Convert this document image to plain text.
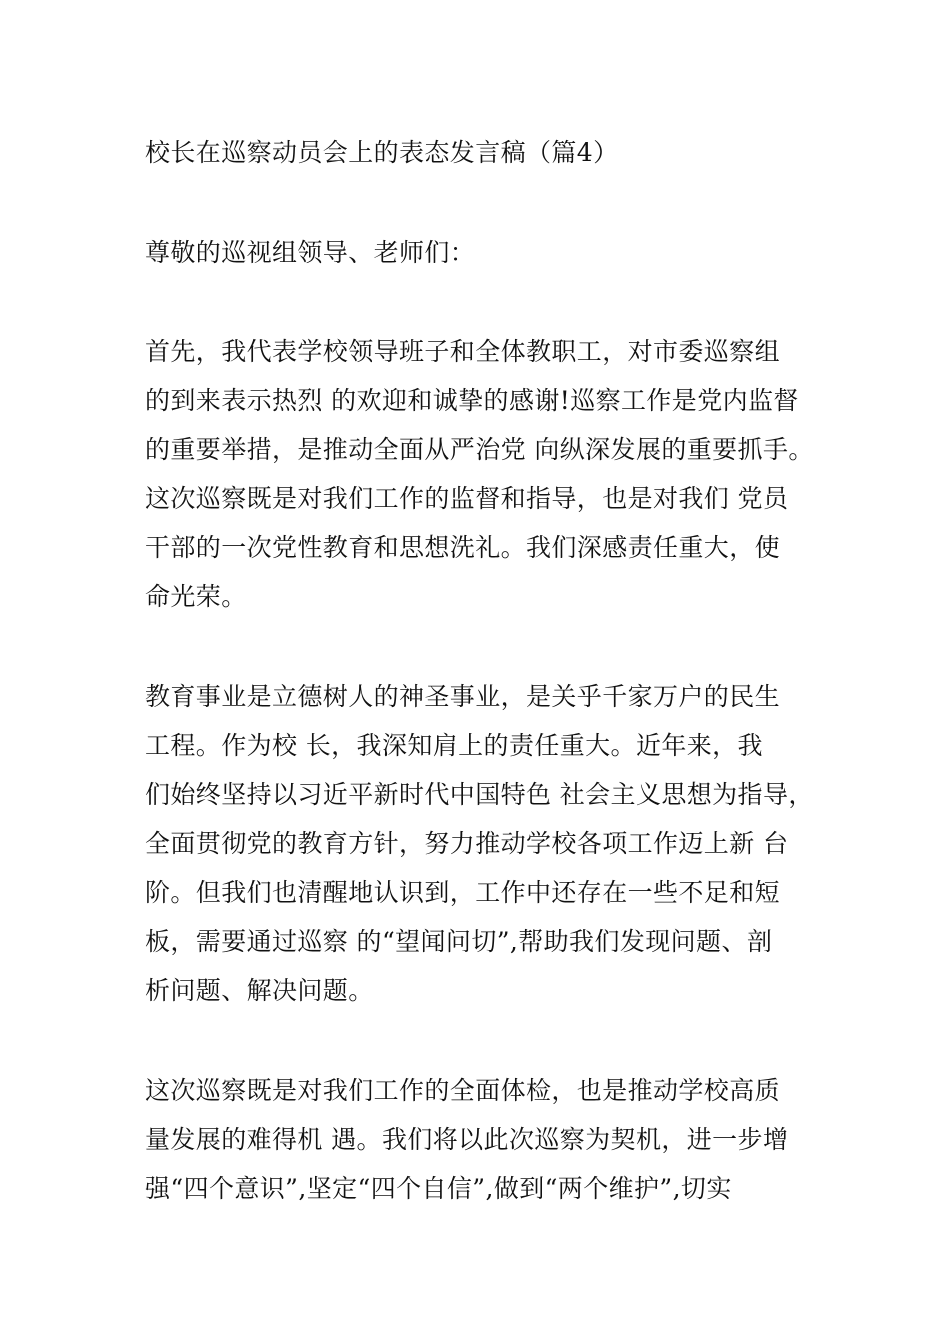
校长在巡察动员会上的表态发言稿（篇4）
尊敬的巡视组领导、老师们：
首先，我代表学校领导班子和全体教职工，对市委巡察组
的到来表示热烈 的欢迎和诚挚的感谢!巡察工作是党内监督
的重要举措，是推动全面从严治党 向纵深发展的重要抓手。
这次巡察既是对我们工作的监督和指导，也是对我们 党员
干部的一次党性教育和思想洗礼。我们深感责任重大，使
命光荣。
教育事业是立德树人的神圣事业，是关乎千家万户的民生
工程。作为校 长，我深知肩上的责任重大。近年来，我
们始终坚持以习近平新时代中国特色 社会主义思想为指导，
全面贯彻党的教育方针，努力推动学校各项工作迈上新 台
阶。但我们也清醒地认识到，工作中还存在一些不足和短
板，需要通过巡察 的“望闻问切”,帮助我们发现问题、剖
析问题、解决问题。
这次巡察既是对我们工作的全面体检，也是推动学校高质
量发展的难得机 遇。我们将以此次巡察为契机，进一步增
强“四个意识”,坚定“四个自信”,做到“两个维护”,切实
